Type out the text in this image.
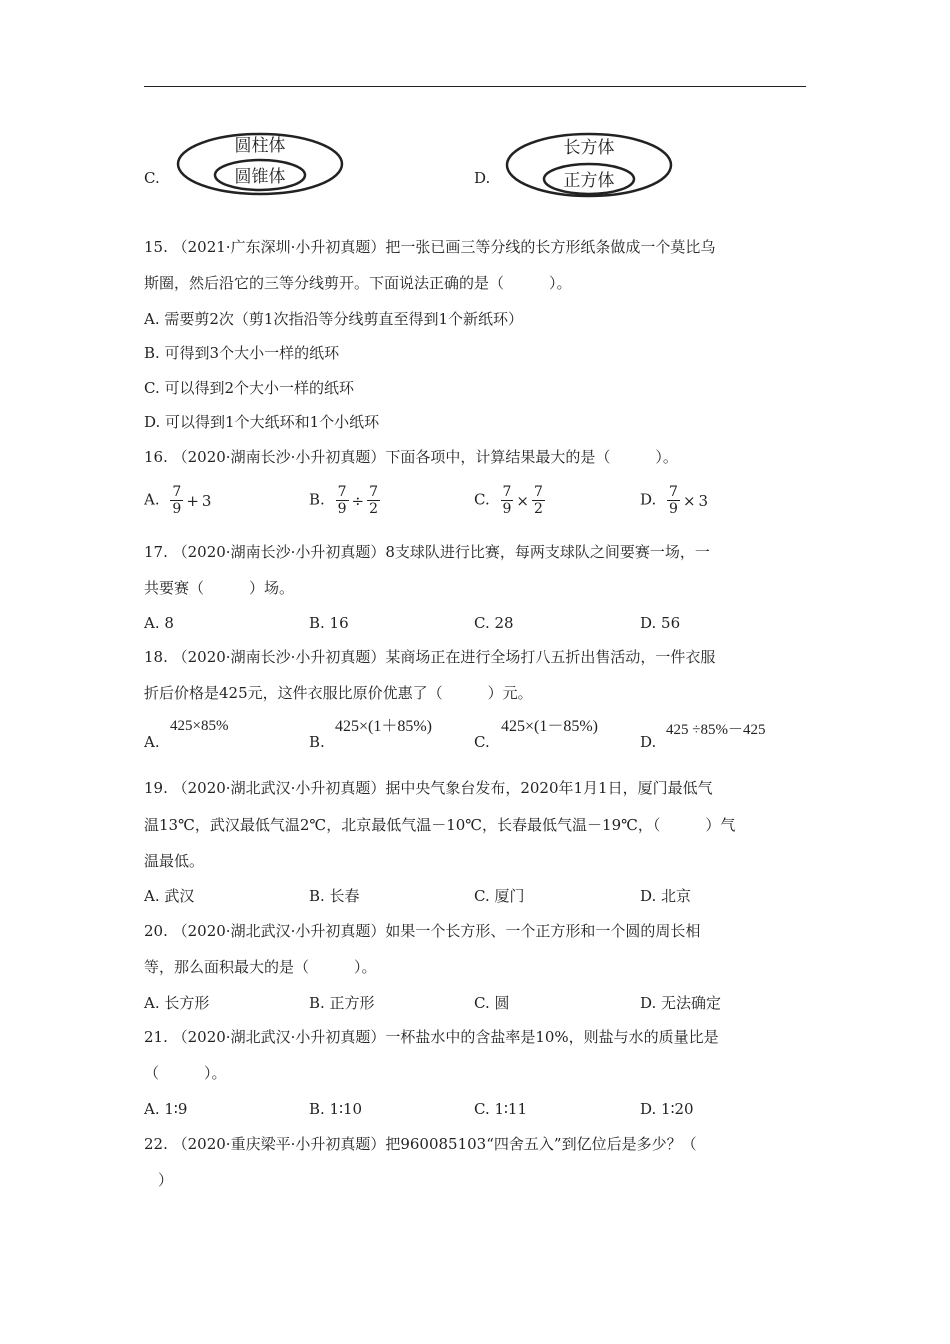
C.
圆柱体
圆锥体	D.
长方体
正方体
15. （2021·广东深圳·小升初真题）把一张已画三等分线的长方形纸条做成一个莫比乌
斯圈，然后沿它的三等分线剪开。下面说法正确的是（　　　）。
A. 需要剪2次（剪1次指沿等分线剪直至得到1个新纸环）
B. 可得到3个大小一样的纸环
C. 可以得到2个大小一样的纸环
D. 可以得到1个大纸环和1个小纸环
16. （2020·湖南长沙·小升初真题）下面各项中，计算结果最大的是（　　　）。
A. $\frac{7}{9} + 3$	B. $\frac{7}{9} \div \frac{7}{2}$	C. $\frac{7}{9} \times \frac{7}{2}$	D. $\frac{7}{9} \times 3$
17. （2020·湖南长沙·小升初真题）8支球队进行比赛，每两支球队之间要赛一场，一
共要赛（　　　）场。
A. 8	B. 16	C. 28	D. 56
18. （2020·湖南长沙·小升初真题）某商场正在进行全场打八五折出售活动，一件衣服
折后价格是425元，这件衣服比原价优惠了（　　　）元。
A.
425×85%
B.
425×(1＋85%)
C.
425×(1－85%)
D.
425 ÷85%－425
19. （2020·湖北武汉·小升初真题）据中央气象台发布，2020年1月1日，厦门最低气
温13℃，武汉最低气温2℃，北京最低气温－10℃，长春最低气温－19℃，（　　　）气
温最低。
A. 武汉	B. 长春	C. 厦门	D. 北京
20. （2020·湖北武汉·小升初真题）如果一个长方形、一个正方形和一个圆的周长相
等，那么面积最大的是（　　　）。
A. 长方形	B. 正方形	C. 圆	D. 无法确定
21. （2020·湖北武汉·小升初真题）一杯盐水中的含盐率是10%，则盐与水的质量比是
（　　　）。
A. 1∶9	B. 1∶10	C. 1∶11	D. 1∶20
22. （2020·重庆梁平·小升初真题）把960085103“四舍五入”到亿位后是多少？（
）
